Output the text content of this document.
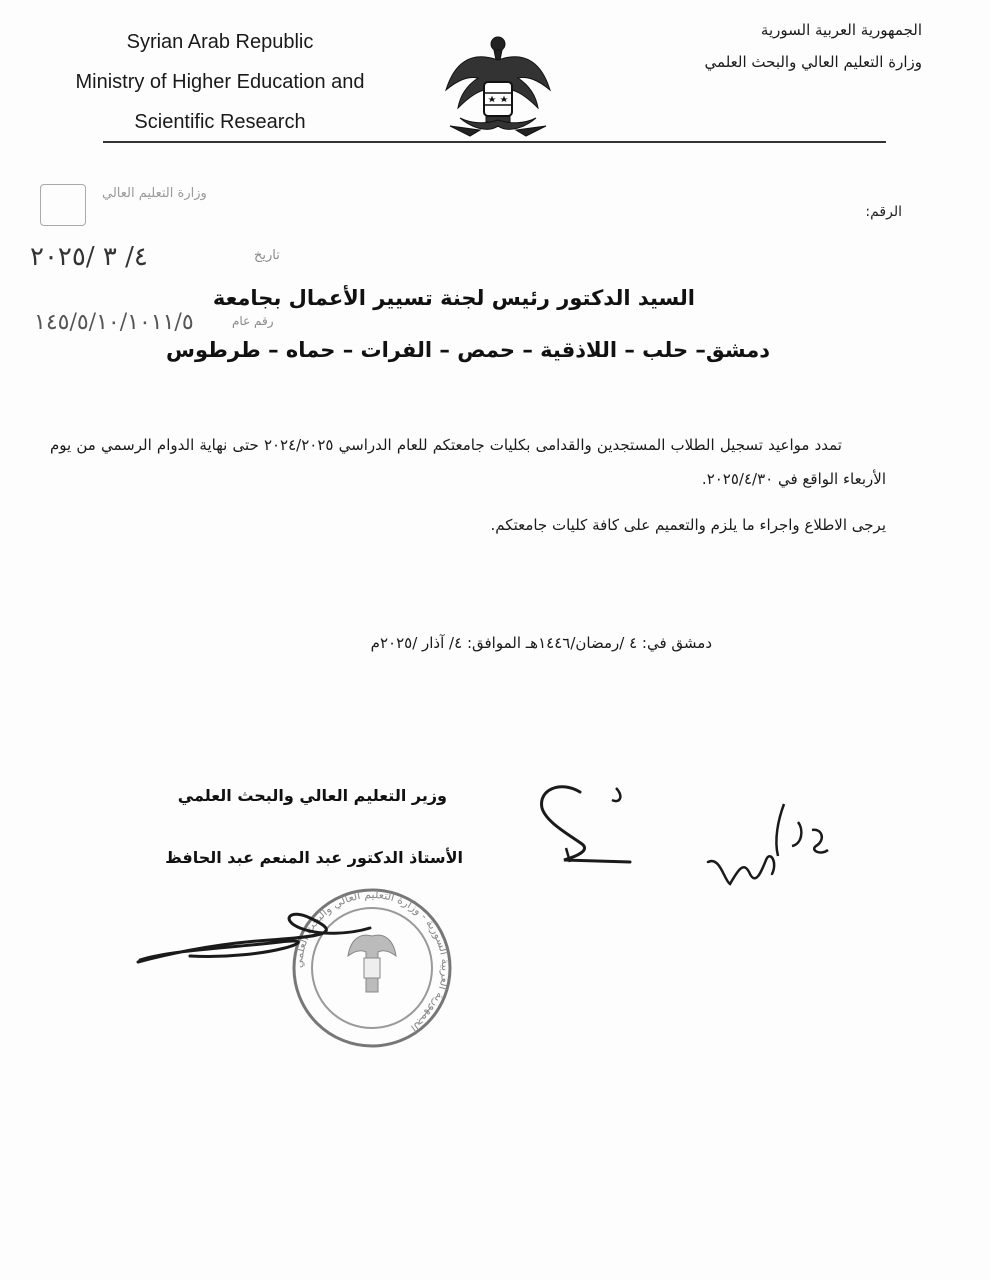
Syrian Arab Republic
Ministry of Higher Education and
Scientific Research
الجمهورية العربية السورية
وزارة التعليم العالي والبحث العلمي
الرقم:
وزارة التعليم العالي
تاريخ
٤/ ٣ /٢٠٢٥
رقم عام
١٤٥/٥/١٠/١٠١١/٥
السيد الدكتور رئيس لجنة تسيير الأعمال بجامعة
دمشق– حلب – اللاذقية – حمص – الفرات – حماه – طرطوس

تمدد مواعيد تسجيل الطلاب المستجدين والقدامى بكليات جامعتكم للعام الدراسي ٢٠٢٤/٢٠٢٥ حتى نهاية الدوام الرسمي من يوم الأربعاء الواقع في ٢٠٢٥/٤/٣٠.

يرجى الاطلاع واجراء ما يلزم والتعميم على كافة كليات جامعتكم.

دمشق في: ٤ /رمضان/١٤٤٦هـ الموافق: ٤/ آذار /٢٠٢٥م
وزير التعليم العالي والبحث العلمي
الأستاذ الدكتور عبد المنعم عبد الحافظ
الجمهورية العربية السورية - وزارة التعليم العالي والبحث العلمي
